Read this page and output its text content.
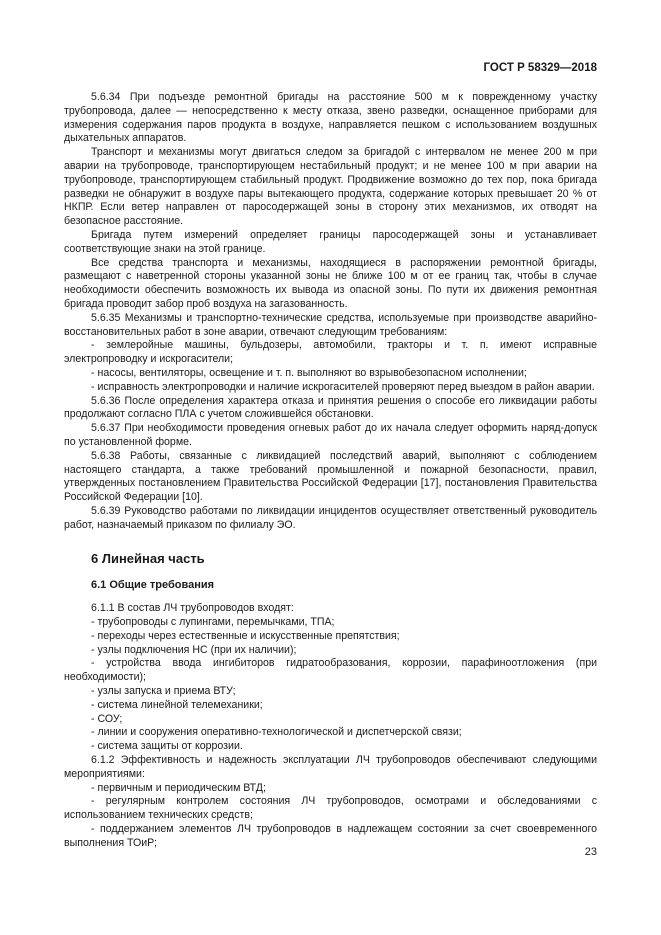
ГОСТ Р 58329—2018

5.6.34 При подъезде ремонтной бригады на расстояние 500 м к поврежденному участку трубопровода, далее — непосредственно к месту отказа, звено разведки, оснащенное приборами для измерения содержания паров продукта в воздухе, направляется пешком с использованием воздушных дыхательных аппаратов.

Транспорт и механизмы могут двигаться следом за бригадой с интервалом не менее 200 м при аварии на трубопроводе, транспортирующем нестабильный продукт; и не менее 100 м при аварии на трубопроводе, транспортирующем стабильный продукт. Продвижение возможно до тех пор, пока бригада разведки не обнаружит в воздухе пары вытекающего продукта, содержание которых превышает 20 % от НКПР. Если ветер направлен от паросодержащей зоны в сторону этих механизмов, их отводят на безопасное расстояние.

Бригада путем измерений определяет границы паросодержащей зоны и устанавливает соответствующие знаки на этой границе.

Все средства транспорта и механизмы, находящиеся в распоряжении ремонтной бригады, размещают с наветренной стороны указанной зоны не ближе 100 м от ее границ так, чтобы в случае необходимости обеспечить возможность их вывода из опасной зоны. По пути их движения ремонтная бригада проводит забор проб воздуха на загазованность.

5.6.35 Механизмы и транспортно-технические средства, используемые при производстве аварийно-восстановительных работ в зоне аварии, отвечают следующим требованиям:

- землеройные машины, бульдозеры, автомобили, тракторы и т. п. имеют исправные электропроводку и искрогасители;

- насосы, вентиляторы, освещение и т. п. выполняют во взрывобезопасном исполнении;

- исправность электропроводки и наличие искрогасителей проверяют перед выездом в район аварии.

5.6.36 После определения характера отказа и принятия решения о способе его ликвидации работы продолжают согласно ПЛА с учетом сложившейся обстановки.

5.6.37 При необходимости проведения огневых работ до их начала следует оформить наряд-допуск по установленной форме.

5.6.38 Работы, связанные с ликвидацией последствий аварий, выполняют с соблюдением настоящего стандарта, а также требований промышленной и пожарной безопасности, правил, утвержденных постановлением Правительства Российской Федерации [17], постановления Правительства Российской Федерации [10].

5.6.39 Руководство работами по ликвидации инцидентов осуществляет ответственный руководитель работ, назначаемый приказом по филиалу ЭО.

6 Линейная часть
6.1 Общие требования

6.1.1 В состав ЛЧ трубопроводов входят:

- трубопроводы с лупингами, перемычками, ТПА;

- переходы через естественные и искусственные препятствия;

- узлы подключения НС (при их наличии);

- устройства ввода ингибиторов гидратообразования, коррозии, парафиноотложения (при необходимости);

- узлы запуска и приема ВТУ;

- система линейной телемеханики;

- СОУ;

- линии и сооружения оперативно-технологической и диспетчерской связи;

- система защиты от коррозии.

6.1.2 Эффективность и надежность эксплуатации ЛЧ трубопроводов обеспечивают следующими мероприятиями:

- первичным и периодическим ВТД;

- регулярным контролем состояния ЛЧ трубопроводов, осмотрами и обследованиями с использованием технических средств;

- поддержанием элементов ЛЧ трубопроводов в надлежащем состоянии за счет своевременного выполнения ТОиР;

23
